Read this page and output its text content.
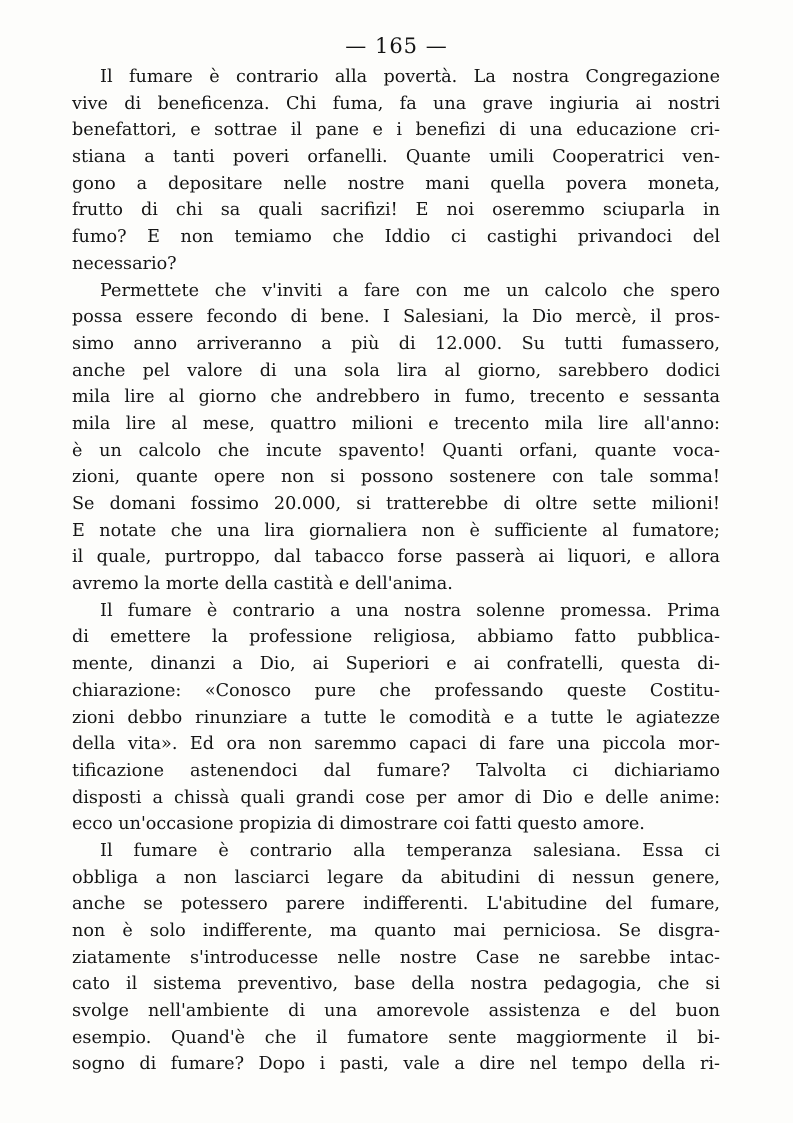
— 165 —
Il fumare è contrario alla povertà. La nostra Congregazione
vive di beneficenza. Chi fuma, fa una grave ingiuria ai nostri
benefattori, e sottrae il pane e i benefizi di una educazione cri-
stiana a tanti poveri orfanelli. Quante umili Cooperatrici ven-
gono a depositare nelle nostre mani quella povera moneta,
frutto di chi sa quali sacrifizi! E noi oseremmo sciuparla in
fumo? E non temiamo che Iddio ci castighi privandoci del
necessario?
Permettete che v'inviti a fare con me un calcolo che spero
possa essere fecondo di bene. I Salesiani, la Dio mercè, il pros-
simo anno arriveranno a più di 12.000. Su tutti fumassero,
anche pel valore di una sola lira al giorno, sarebbero dodici
mila lire al giorno che andrebbero in fumo, trecento e sessanta
mila lire al mese, quattro milioni e trecento mila lire all'anno:
è un calcolo che incute spavento! Quanti orfani, quante voca-
zioni, quante opere non si possono sostenere con tale somma!
Se domani fossimo 20.000, si tratterebbe di oltre sette milioni!
E notate che una lira giornaliera non è sufficiente al fumatore;
il quale, purtroppo, dal tabacco forse passerà ai liquori, e allora
avremo la morte della castità e dell'anima.
Il fumare è contrario a una nostra solenne promessa. Prima
di emettere la professione religiosa, abbiamo fatto pubblica-
mente, dinanzi a Dio, ai Superiori e ai confratelli, questa di-
chiarazione: «Conosco pure che professando queste Costitu-
zioni debbo rinunziare a tutte le comodità e a tutte le agiatezze
della vita». Ed ora non saremmo capaci di fare una piccola mor-
tificazione astenendoci dal fumare? Talvolta ci dichiariamo
disposti a chissà quali grandi cose per amor di Dio e delle anime:
ecco un'occasione propizia di dimostrare coi fatti questo amore.
Il fumare è contrario alla temperanza salesiana. Essa ci
obbliga a non lasciarci legare da abitudini di nessun genere,
anche se potessero parere indifferenti. L'abitudine del fumare,
non è solo indifferente, ma quanto mai perniciosa. Se disgra-
ziatamente s'introducesse nelle nostre Case ne sarebbe intac-
cato il sistema preventivo, base della nostra pedagogia, che si
svolge nell'ambiente di una amorevole assistenza e del buon
esempio. Quand'è che il fumatore sente maggiormente il bi-
sogno di fumare? Dopo i pasti, vale a dire nel tempo della ri-
